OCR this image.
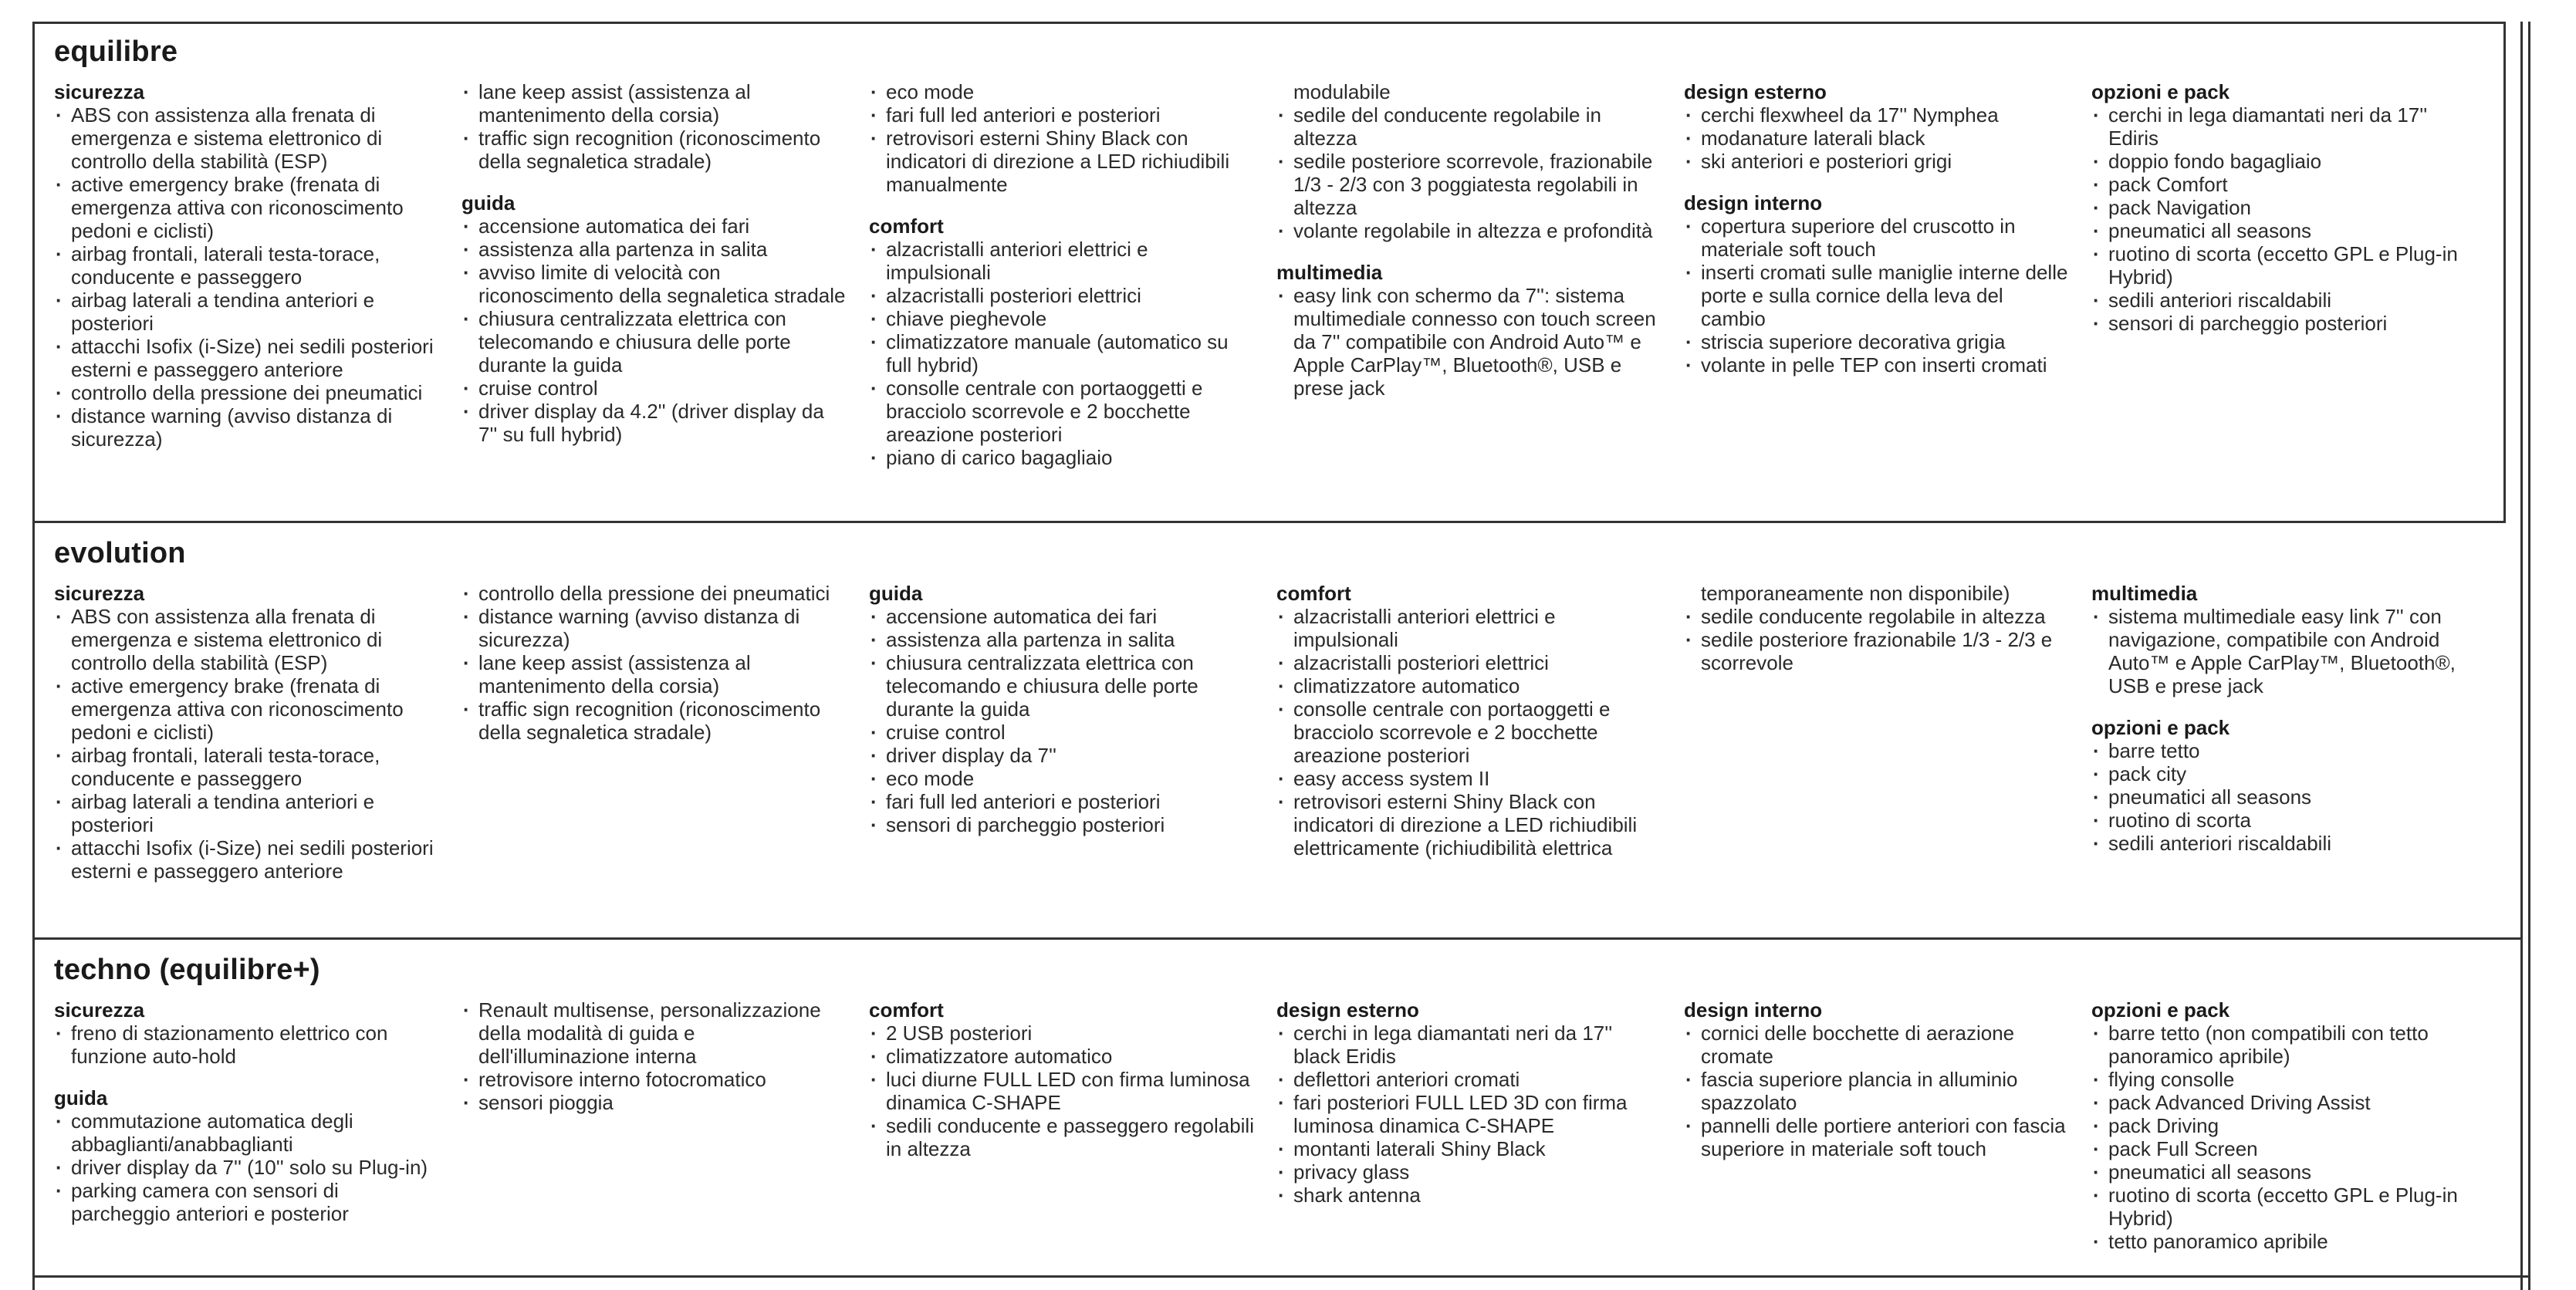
equilibre
sicurezza
· ABS con assistenza alla frenata di emergenza e sistema elettronico di controllo della stabilità (ESP)
· active emergency brake (frenata di emergenza attiva con riconoscimento pedoni e ciclisti)
· airbag frontali, laterali testa-torace, conducente e passeggero
· airbag laterali a tendina anteriori e posteriori
· attacchi Isofix (i-Size) nei sedili posteriori esterni e passeggero anteriore
· controllo della pressione dei pneumatici
· distance warning (avviso distanza di sicurezza)
· lane keep assist (assistenza al mantenimento della corsia)
· traffic sign recognition (riconoscimento della segnaletica stradale)
guida
· accensione automatica dei fari
· assistenza alla partenza in salita
· avviso limite di velocità con riconoscimento della segnaletica stradale
· chiusura centralizzata elettrica con telecomando e chiusura delle porte durante la guida
· cruise control
· driver display da 4.2'' (driver display da 7'' su full hybrid)
· eco mode
· fari full led anteriori e posteriori
· retrovisori esterni Shiny Black con indicatori di direzione a LED richiudibili manualmente
comfort
· alzacristalli anteriori elettrici e impulsionali
· alzacristalli posteriori elettrici
· chiave pieghevole
· climatizzatore manuale (automatico su full hybrid)
· consolle centrale con portaoggetti e bracciolo scorrevole e 2 bocchette areazione posteriori
· piano di carico bagagliaio
modulabile
· sedile del conducente regolabile in altezza
· sedile posteriore scorrevole, frazionabile 1/3 - 2/3 con 3 poggiatesta regolabili in altezza
· volante regolabile in altezza e profondità
multimedia
· easy link con schermo da 7'': sistema multimediale connesso con touch screen da 7'' compatibile con Android Auto™ e Apple CarPlay™, Bluetooth®, USB e prese jack
design esterno
· cerchi flexwheel da 17'' Nymphea
· modanature laterali black
· ski anteriori e posteriori grigi
design interno
· copertura superiore del cruscotto in materiale soft touch
· inserti cromati sulle maniglie interne delle porte e sulla cornice della leva del cambio
· striscia superiore decorativa grigia
· volante in pelle TEP con inserti cromati
opzioni e pack
· cerchi in lega diamantati neri da 17'' Ediris
· doppio fondo bagagliaio
· pack Comfort
· pack Navigation
· pneumatici all seasons
· ruotino di scorta (eccetto GPL e Plug-in Hybrid)
· sedili anteriori riscaldabili
· sensori di parcheggio posteriori
evolution
sicurezza
· ABS con assistenza alla frenata di emergenza e sistema elettronico di controllo della stabilità (ESP)
· active emergency brake (frenata di emergenza attiva con riconoscimento pedoni e ciclisti)
· airbag frontali, laterali testa-torace, conducente e passeggero
· airbag laterali a tendina anteriori e posteriori
· attacchi Isofix (i-Size) nei sedili posteriori esterni e passeggero anteriore
· controllo della pressione dei pneumatici
· distance warning (avviso distanza di sicurezza)
· lane keep assist (assistenza al mantenimento della corsia)
· traffic sign recognition (riconoscimento della segnaletica stradale)
guida
· accensione automatica dei fari
· assistenza alla partenza in salita
· chiusura centralizzata elettrica con telecomando e chiusura delle porte durante la guida
· cruise control
· driver display da 7''
· eco mode
· fari full led anteriori e posteriori
· sensori di parcheggio posteriori
comfort
· alzacristalli anteriori elettrici e impulsionali
· alzacristalli posteriori elettrici
· climatizzatore automatico
· consolle centrale con portaoggetti e bracciolo scorrevole e 2 bocchette areazione posteriori
· easy access system II
· retrovisori esterni Shiny Black con indicatori di direzione a LED richiudibili elettricamente (richiudibilità elettrica
temporaneamente non disponibile)
· sedile conducente regolabile in altezza
· sedile posteriore frazionabile 1/3 - 2/3 e scorrevole
multimedia
· sistema multimediale easy link 7'' con navigazione, compatibile con Android Auto™ e Apple CarPlay™, Bluetooth®, USB e prese jack
opzioni e pack
· barre tetto
· pack city
· pneumatici all seasons
· ruotino di scorta
· sedili anteriori riscaldabili
techno (equilibre+)
sicurezza
· freno di stazionamento elettrico con funzione auto-hold
guida
· commutazione automatica degli abbaglianti/anabbaglianti
· driver display da 7'' (10'' solo su Plug-in)
· parking camera con sensori di parcheggio anteriori e posterior
· Renault multisense, personalizzazione della modalità di guida e dell'illuminazione interna
· retrovisore interno fotocromatico
· sensori pioggia
comfort
· 2 USB posteriori
· climatizzatore automatico
· luci diurne FULL LED con firma luminosa dinamica C-SHAPE
· sedili conducente e passeggero regolabili in altezza
design esterno
· cerchi in lega diamantati neri da 17'' black Eridis
· deflettori anteriori cromati
· fari posteriori FULL LED 3D con firma luminosa dinamica C-SHAPE
· montanti laterali Shiny Black
· privacy glass
· shark antenna
design interno
· cornici delle bocchette di aerazione cromate
· fascia superiore plancia in alluminio spazzolato
· pannelli delle portiere anteriori con fascia superiore in materiale soft touch
opzioni e pack
· barre tetto (non compatibili con tetto panoramico apribile)
· flying consolle
· pack Advanced Driving Assist
· pack Driving
· pack Full Screen
· pneumatici all seasons
· ruotino di scorta (eccetto GPL e Plug-in Hybrid)
· tetto panoramico apribile
